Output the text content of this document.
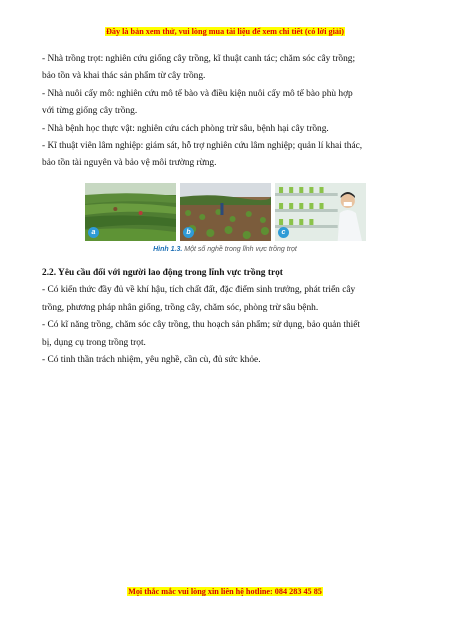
Đây là bản xem thử, vui lòng mua tài liệu để xem chi tiết (có lời giải)

- Nhà trồng trọt: nghiên cứu giống cây trồng, kĩ thuật canh tác; chăm sóc cây trồng;

bảo tồn và khai thác sản phẩm từ cây trồng.

- Nhà nuôi cấy mô: nghiên cứu mô tế bào và điều kiện nuôi cấy mô tế bào phù hợp

với từng giống cây trồng.

- Nhà bệnh học thực vật: nghiên cứu cách phòng trừ sâu, bệnh hại cây trồng.

- Kĩ thuật viên lâm nghiệp: giám sát, hỗ trợ nghiên cứu lâm nghiệp; quản lí khai thác,

bảo tồn tài nguyên và bảo vệ môi trường rừng.

a	b	c
Hình 1.3. Một số nghề trong lĩnh vực trồng trọt

2.2. Yêu cầu đối với người lao động trong lĩnh vực trồng trọt

- Có kiến thức đầy đủ về khí hậu, tích chất đất, đặc điểm sinh trưởng, phát triển cây

trồng, phương pháp nhân giống, trồng cây, chăm sóc, phòng trừ sâu bệnh.

- Có kĩ năng trồng, chăm sóc cây trồng, thu hoạch sản phẩm; sử dụng, bảo quản thiết

bị, dụng cụ trong trồng trọt.

- Có tinh thần trách nhiệm, yêu nghề, cần cù, đủ sức khỏe.

Mọi thắc mắc vui lòng xin liên hệ hotline: 084 283 45 85
